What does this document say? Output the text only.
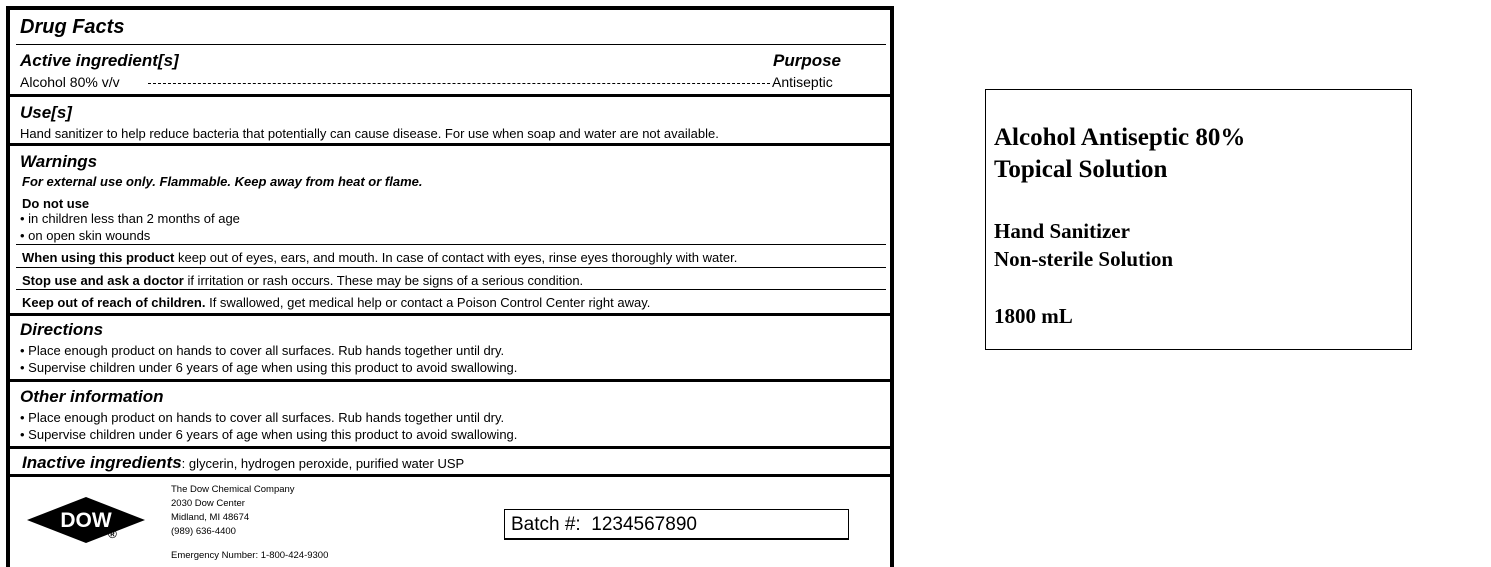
Drug Facts
Active ingredient[s]	Purpose
Alcohol 80% v/v	Antiseptic
Use[s]
Hand sanitizer to help reduce bacteria that potentially can cause disease. For use when soap and water are not available.
Warnings
For external use only. Flammable. Keep away from heat or flame.
Do not use
• in children less than 2 months of age
• on open skin wounds
When using this product keep out of eyes, ears, and mouth. In case of contact with eyes, rinse eyes thoroughly with water.
Stop use and ask a doctor if irritation or rash occurs. These may be signs of a serious condition.
Keep out of reach of children. If swallowed, get medical help or contact a Poison Control Center right away.
Directions
• Place enough product on hands to cover all surfaces. Rub hands together until dry.
• Supervise children under 6 years of age when using this product to avoid swallowing.
Other information
• Place enough product on hands to cover all surfaces. Rub hands together until dry.
• Supervise children under 6 years of age when using this product to avoid swallowing.
Inactive ingredients: glycerin, hydrogen peroxide, purified water USP
DOW
®
The Dow Chemical Company
2030 Dow Center
Midland, MI 48674
(989) 636-4400
Emergency Number: 1-800-424-9300
Batch #: 1234567890
Alcohol Antiseptic 80%
Topical Solution
Hand Sanitizer
Non-sterile Solution
1800 mL
